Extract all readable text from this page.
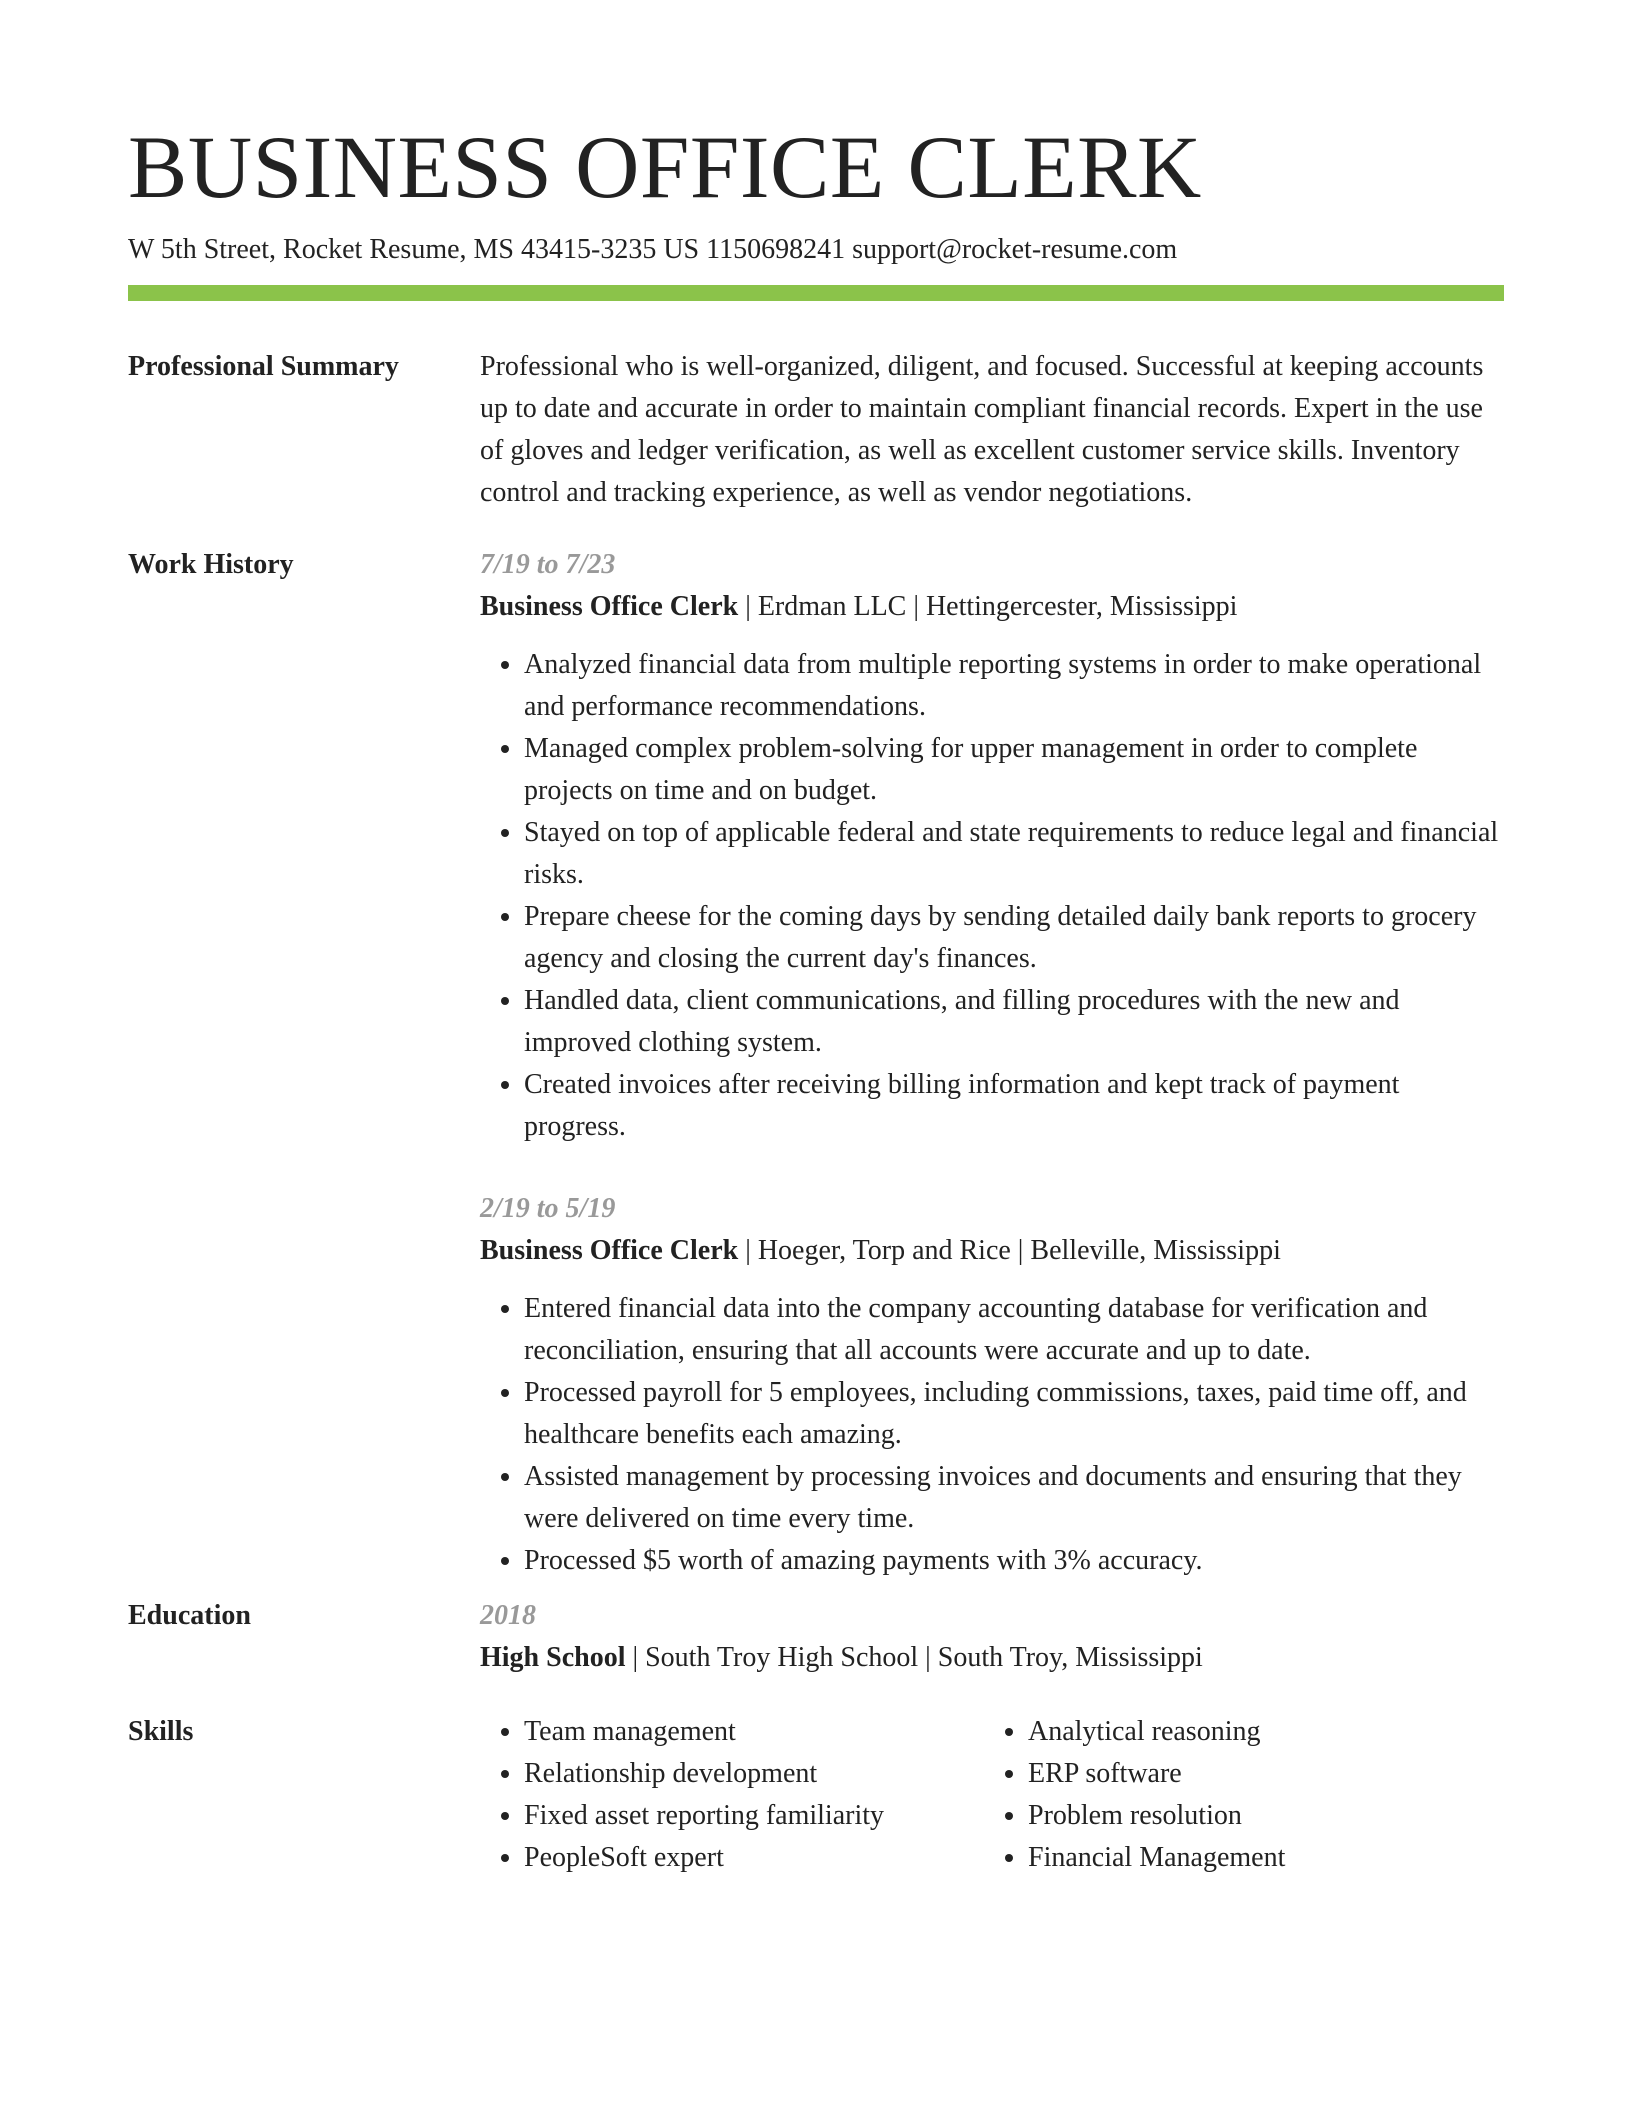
BUSINESS OFFICE CLERK
W 5th Street, Rocket Resume, MS 43415-3235 US 1150698241 support@rocket-resume.com
Professional Summary	Professional who is well-organized, diligent, and focused. Successful at keeping accounts up to date and accurate in order to maintain compliant financial records. Expert in the use of gloves and ledger verification, as well as excellent customer service skills. Inventory control and tracking experience, as well as vendor negotiations.

Work History	7/19 to 7/23
Business Office Clerk | Erdman LLC | Hettingercester, Mississippi
• Analyzed financial data from multiple reporting systems in order to make operational and performance recommendations.
• Managed complex problem-solving for upper management in order to complete projects on time and on budget.
• Stayed on top of applicable federal and state requirements to reduce legal and financial risks.
• Prepare cheese for the coming days by sending detailed daily bank reports to grocery agency and closing the current day's finances.
• Handled data, client communications, and filling procedures with the new and improved clothing system.
• Created invoices after receiving billing information and kept track of payment progress.
2/19 to 5/19
Business Office Clerk | Hoeger, Torp and Rice | Belleville, Mississippi
• Entered financial data into the company accounting database for verification and reconciliation, ensuring that all accounts were accurate and up to date.
• Processed payroll for 5 employees, including commissions, taxes, paid time off, and healthcare benefits each amazing.
• Assisted management by processing invoices and documents and ensuring that they were delivered on time every time.
• Processed $5 worth of amazing payments with 3% accuracy.
Education	2018
High School | South Troy High School | South Troy, Mississippi
Skills
•	Team management
• Relationship development
• Fixed asset reporting familiarity
• PeopleSoft expert
• Analytical reasoning
• ERP software
• Problem resolution
• Financial Management
